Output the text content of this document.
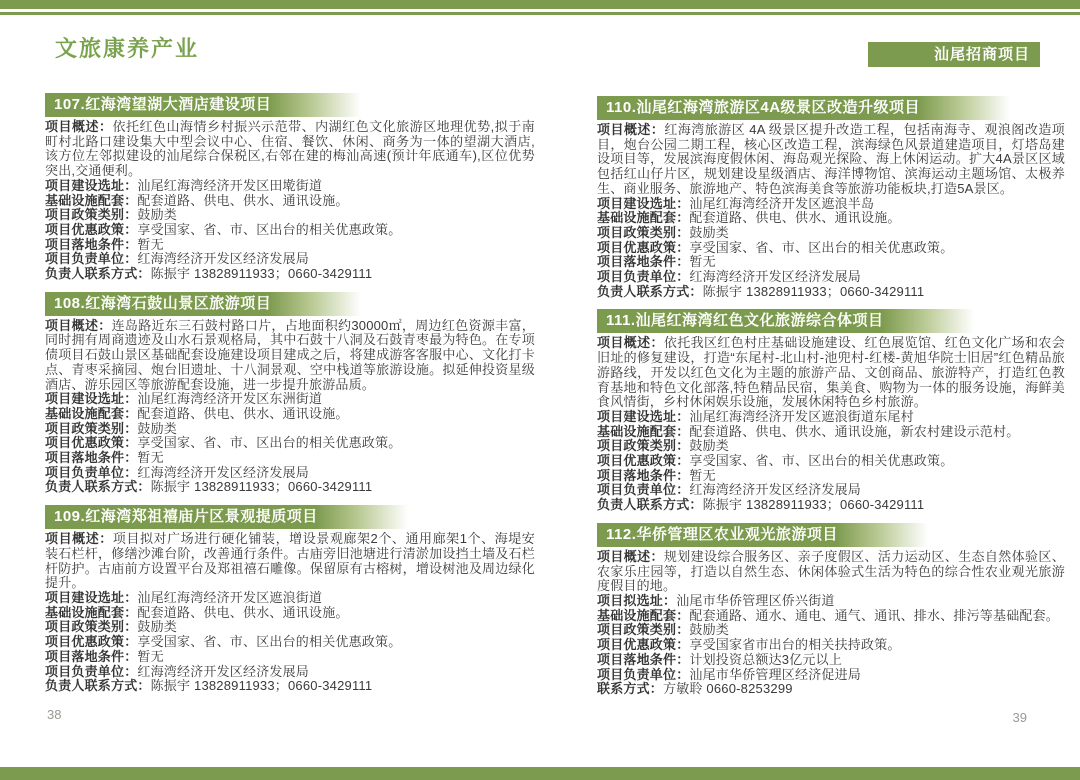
文旅康养产业
107.红海湾望湖大酒店建设项目

项目概述：依托红色山海情乡村振兴示范带、内湖红色文化旅游区地理优势,拟于南町村北路口建设集大中型会议中心、住宿、餐饮、休闲、商务为一体的望湖大酒店,该方位左邻拟建设的汕尾综合保税区,右邻在建的梅汕高速(预计年底通车),区位优势突出,交通便利。

项目建设选址：汕尾红海湾经济开发区田墘街道

基础设施配套：配套道路、供电、供水、通讯设施。

项目政策类别：鼓励类

项目优惠政策：享受国家、省、市、区出台的相关优惠政策。

项目落地条件：暂无

项目负责单位：红海湾经济开发区经济发展局

负责人联系方式：陈振宇 13828911933；0660-3429111

108.红海湾石鼓山景区旅游项目

项目概述：连岛路近东三石鼓村路口片，占地面积约30000㎡，周边红色资源丰富，同时拥有周商遗迹及山水石景观格局，其中石鼓十八洞及石鼓青枣最为特色。在专项债项目石鼓山景区基础配套设施建设项目建成之后，将建成游客客服中心、文化打卡点、青枣采摘园、炮台旧遗址、十八洞景观、空中栈道等旅游设施。拟延伸投资星级酒店、游乐园区等旅游配套设施，进一步提升旅游品质。

项目建设选址：汕尾红海湾经济开发区东洲街道

基础设施配套：配套道路、供电、供水、通讯设施。

项目政策类别：鼓励类

项目优惠政策：享受国家、省、市、区出台的相关优惠政策。

项目落地条件：暂无

项目负责单位：红海湾经济开发区经济发展局

负责人联系方式：陈振宇 13828911933；0660-3429111

109.红海湾郑祖禧庙片区景观提质项目

项目概述：项目拟对广场进行硬化铺装，增设景观廊架2个、通用廊架1个、海堤安装石栏杆，修缮沙滩台阶，改善通行条件。古庙旁旧池塘进行清淤加设挡土墙及石栏杆防护。古庙前方设置平台及郑祖禧石雕像。保留原有古榕树，增设树池及周边绿化提升。

项目建设选址：汕尾红海湾经济开发区遮浪街道

基础设施配套：配套道路、供电、供水、通讯设施。

项目政策类别：鼓励类

项目优惠政策：享受国家、省、市、区出台的相关优惠政策。

项目落地条件：暂无

项目负责单位：红海湾经济开发区经济发展局

负责人联系方式：陈振宇 13828911933；0660-3429111

38
汕尾招商项目
110.汕尾红海湾旅游区4A级景区改造升级项目

项目概述：红海湾旅游区 4A 级景区提升改造工程，包括南海寺、观浪阁改造项目，炮台公园二期工程，核心区改造工程，滨海绿色风景道建造项目，灯塔岛建设项目等，发展滨海度假休闲、海岛观光探险、海上休闲运动。扩大4A景区区域包括红山仔片区，规划建设星级酒店、海洋博物馆、滨海运动主题场馆、太极养生、商业服务、旅游地产、特色滨海美食等旅游功能板块,打造5A景区。

项目建设选址：汕尾红海湾经济开发区遮浪半岛

基础设施配套：配套道路、供电、供水、通讯设施。

项目政策类别：鼓励类

项目优惠政策：享受国家、省、市、区出台的相关优惠政策。

项目落地条件：暂无

项目负责单位：红海湾经济开发区经济发展局

负责人联系方式：陈振宇 13828911933；0660-3429111

111.汕尾红海湾红色文化旅游综合体项目

项目概述：依托我区红色村庄基础设施建设、红色展览馆、红色文化广场和农会旧址的修复建设，打造“东尾村-北山村-池兜村-红楼-黄旭华院士旧居”红色精品旅游路线，开发以红色文化为主题的旅游产品、文创商品、旅游特产，打造红色教育基地和特色文化部落,特色精品民宿，集美食、购物为一体的服务设施，海鲜美食风情街，乡村休闲娱乐设施，发展休闲特色乡村旅游。

项目建设选址：汕尾红海湾经济开发区遮浪街道东尾村

基础设施配套：配套道路、供电、供水、通讯设施，新农村建设示范村。

项目政策类别：鼓励类

项目优惠政策：享受国家、省、市、区出台的相关优惠政策。

项目落地条件：暂无

项目负责单位：红海湾经济开发区经济发展局

负责人联系方式：陈振宇 13828911933；0660-3429111

112.华侨管理区农业观光旅游项目

项目概述：规划建设综合服务区、亲子度假区、活力运动区、生态自然体验区、农家乐庄园等，打造以自然生态、休闲体验式生活为特色的综合性农业观光旅游度假目的地。

项目拟选址：汕尾市华侨管理区侨兴街道

基础设施配套：配套通路、通水、通电、通气、通讯、排水、排污等基础配套。

项目政策类别：鼓励类

项目优惠政策：享受国家省市出台的相关扶持政策。

项目落地条件：计划投资总额达3亿元以上

项目负责单位：汕尾市华侨管理区经济促进局

联系方式：方敏聆 0660-8253299

39
